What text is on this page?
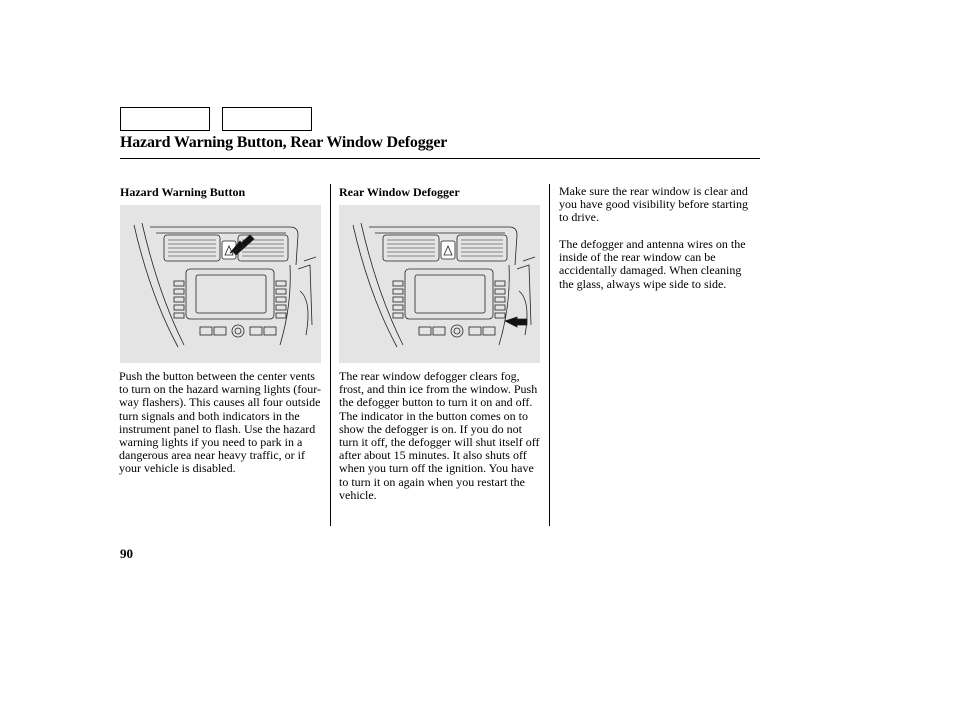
Hazard Warning Button, Rear Window Defogger
Hazard Warning Button

Push the button between the center vents to turn on the hazard warning lights (four-way flashers). This causes all four outside turn signals and both indicators in the instrument panel to flash. Use the hazard warning lights if you need to park in a dangerous area near heavy traffic, or if your vehicle is disabled.

Rear Window Defogger

The rear window defogger clears fog, frost, and thin ice from the window. Push the defogger button to turn it on and off. The indicator in the button comes on to show the defogger is on. If you do not turn it off, the defogger will shut itself off after about 15 minutes. It also shuts off when you turn off the ignition. You have to turn it on again when you restart the vehicle.

Make sure the rear window is clear and you have good visibility before starting to drive.

The defogger and antenna wires on the inside of the rear window can be accidentally damaged. When cleaning the glass, always wipe side to side.

90
